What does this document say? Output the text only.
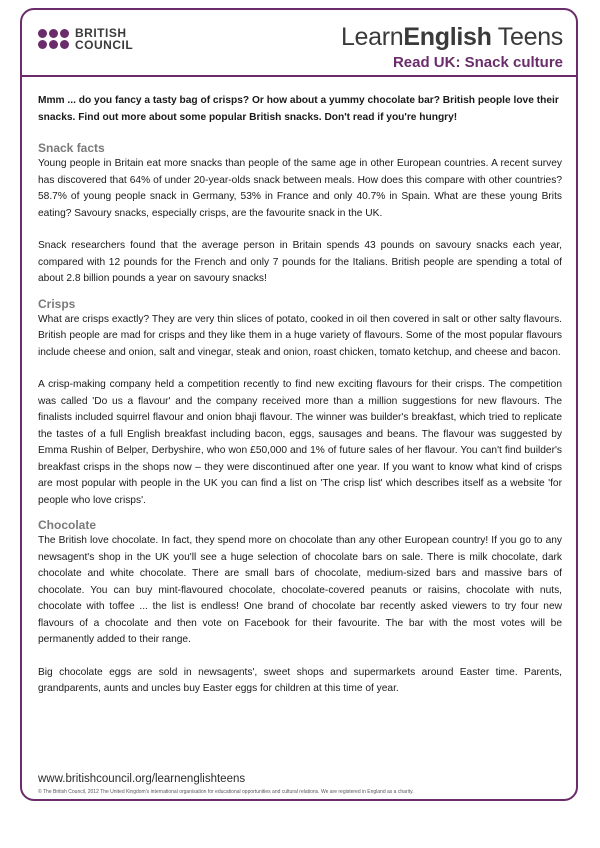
BRITISH
COUNCIL	LearnEnglish Teens
Read UK: Snack culture

Mmm ... do you fancy a tasty bag of crisps? Or how about a yummy chocolate bar? British people love their snacks. Find out more about some popular British snacks. Don't read if you're hungry!

Snack facts

Young people in Britain eat more snacks than people of the same age in other European countries. A recent survey has discovered that 64% of under 20-year-olds snack between meals. How does this compare with other countries? 58.7% of young people snack in Germany, 53% in France and only 40.7% in Spain. What are these young Brits eating? Savoury snacks, especially crisps, are the favourite snack in the UK.

Snack researchers found that the average person in Britain spends 43 pounds on savoury snacks each year, compared with 12 pounds for the French and only 7 pounds for the Italians. British people are spending a total of about 2.8 billion pounds a year on savoury snacks!

Crisps

What are crisps exactly? They are very thin slices of potato, cooked in oil then covered in salt or other salty flavours. British people are mad for crisps and they like them in a huge variety of flavours. Some of the most popular flavours include cheese and onion, salt and vinegar, steak and onion, roast chicken, tomato ketchup, and cheese and bacon.

A crisp-making company held a competition recently to find new exciting flavours for their crisps. The competition was called 'Do us a flavour' and the company received more than a million suggestions for new flavours. The finalists included squirrel flavour and onion bhaji flavour. The winner was builder's breakfast, which tried to replicate the tastes of a full English breakfast including bacon, eggs, sausages and beans. The flavour was suggested by Emma Rushin of Belper, Derbyshire, who won £50,000 and 1% of future sales of her flavour. You can't find builder's breakfast crisps in the shops now – they were discontinued after one year. If you want to know what kind of crisps are most popular with people in the UK you can find a list on 'The crisp list' which describes itself as a website 'for people who love crisps'.

Chocolate

The British love chocolate. In fact, they spend more on chocolate than any other European country! If you go to any newsagent's shop in the UK you'll see a huge selection of chocolate bars on sale. There is milk chocolate, dark chocolate and white chocolate. There are small bars of chocolate, medium-sized bars and massive bars of chocolate. You can buy mint-flavoured chocolate, chocolate-covered peanuts or raisins, chocolate with nuts, chocolate with toffee ... the list is endless! One brand of chocolate bar recently asked viewers to try four new flavours of a chocolate and then vote on Facebook for their favourite. The bar with the most votes will be permanently added to their range.

Big chocolate eggs are sold in newsagents', sweet shops and supermarkets around Easter time. Parents, grandparents, aunts and uncles buy Easter eggs for children at this time of year.

www.britishcouncil.org/learnenglishteens
© The British Council, 2012 The United Kingdom's international organisation for educational opportunities and cultural relations. We are registered in England as a charity.
